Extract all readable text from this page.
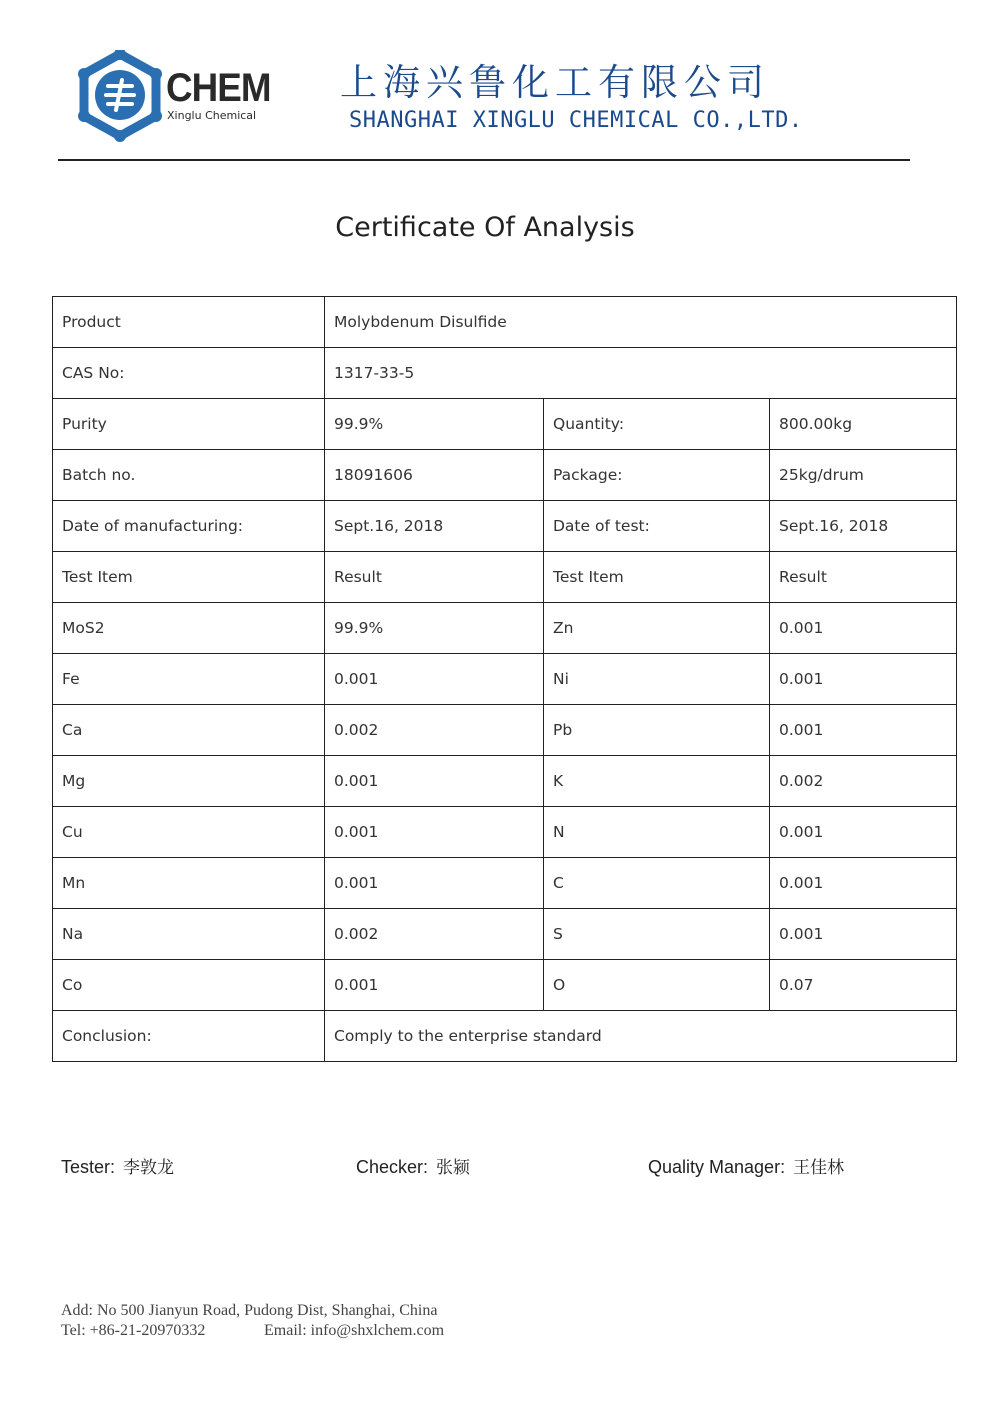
CHEM
Xinglu Chemical
上海兴鲁化工有限公司
SHANGHAI XINGLU CHEMICAL CO.,LTD.
Certificate Of Analysis
Product	Molybdenum Disulfide		
CAS No:	1317-33-5		
Purity	99.9%	Quantity:	800.00kg
Batch no.	18091606	Package:	25kg/drum
Date of manufacturing:	Sept.16, 2018	Date of test:	Sept.16, 2018
Test Item	Result	Test Item	Result
MoS2	99.9%	Zn	0.001
Fe	0.001	Ni	0.001
Ca	0.002	Pb	0.001
Mg	0.001	K	0.002
Cu	0.001	N	0.001
Mn	0.001	C	0.001
Na	0.002	S	0.001
Co	0.001	O	0.07
Conclusion:	Comply to the enterprise standard		
Tester: 李敦龙	Checker: 张颍	Quality Manager: 王佳林
Add: No 500 Jianyun Road, Pudong Dist, Shanghai, China
Tel: +86-21-20970332	Email: info@shxlchem.com
